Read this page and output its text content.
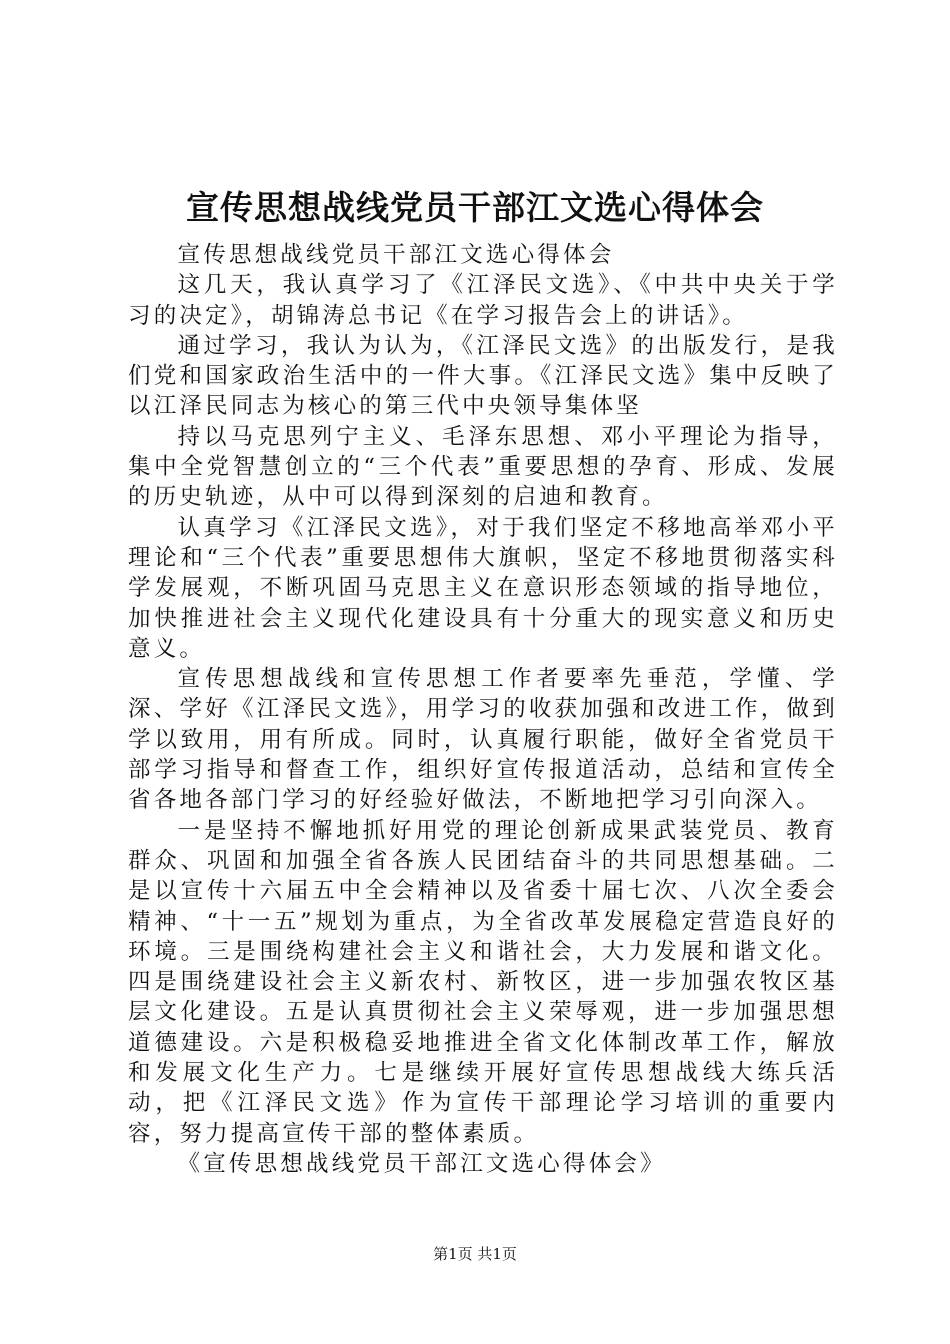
宣传思想战线党员干部江文选心得体会

宣传思想战线党员干部江文选心得体会

这几天，我认真学习了《江泽民文选》、《中共中央关于学习的决定》，胡锦涛总书记《在学习报告会上的讲话》。

通过学习，我认为认为，《江泽民文选》的出版发行，是我们党和国家政治生活中的一件大事。《江泽民文选》集中反映了以江泽民同志为核心的第三代中央领导集体坚

持以马克思列宁主义、毛泽东思想、邓小平理论为指导，集中全党智慧创立的“三个代表”重要思想的孕育、形成、发展的历史轨迹，从中可以得到深刻的启迪和教育。

认真学习《江泽民文选》，对于我们坚定不移地高举邓小平理论和“三个代表”重要思想伟大旗帜，坚定不移地贯彻落实科学发展观，不断巩固马克思主义在意识形态领域的指导地位，加快推进社会主义现代化建设具有十分重大的现实意义和历史意义。

宣传思想战线和宣传思想工作者要率先垂范，学懂、学深、学好《江泽民文选》，用学习的收获加强和改进工作，做到学以致用，用有所成。同时，认真履行职能，做好全省党员干部学习指导和督查工作，组织好宣传报道活动，总结和宣传全省各地各部门学习的好经验好做法，不断地把学习引向深入。

一是坚持不懈地抓好用党的理论创新成果武装党员、教育群众、巩固和加强全省各族人民团结奋斗的共同思想基础。二是以宣传十六届五中全会精神以及省委十届七次、八次全委会精神、“十一五”规划为重点，为全省改革发展稳定营造良好的环境。三是围绕构建社会主义和谐社会，大力发展和谐文化。四是围绕建设社会主义新农村、新牧区，进一步加强农牧区基层文化建设。五是认真贯彻社会主义荣辱观，进一步加强思想道德建设。六是积极稳妥地推进全省文化体制改革工作，解放和发展文化生产力。七是继续开展好宣传思想战线大练兵活动，把《江泽民文选》作为宣传干部理论学习培训的重要内容，努力提高宣传干部的整体素质。

《宣传思想战线党员干部江文选心得体会》

第1页 共1页
